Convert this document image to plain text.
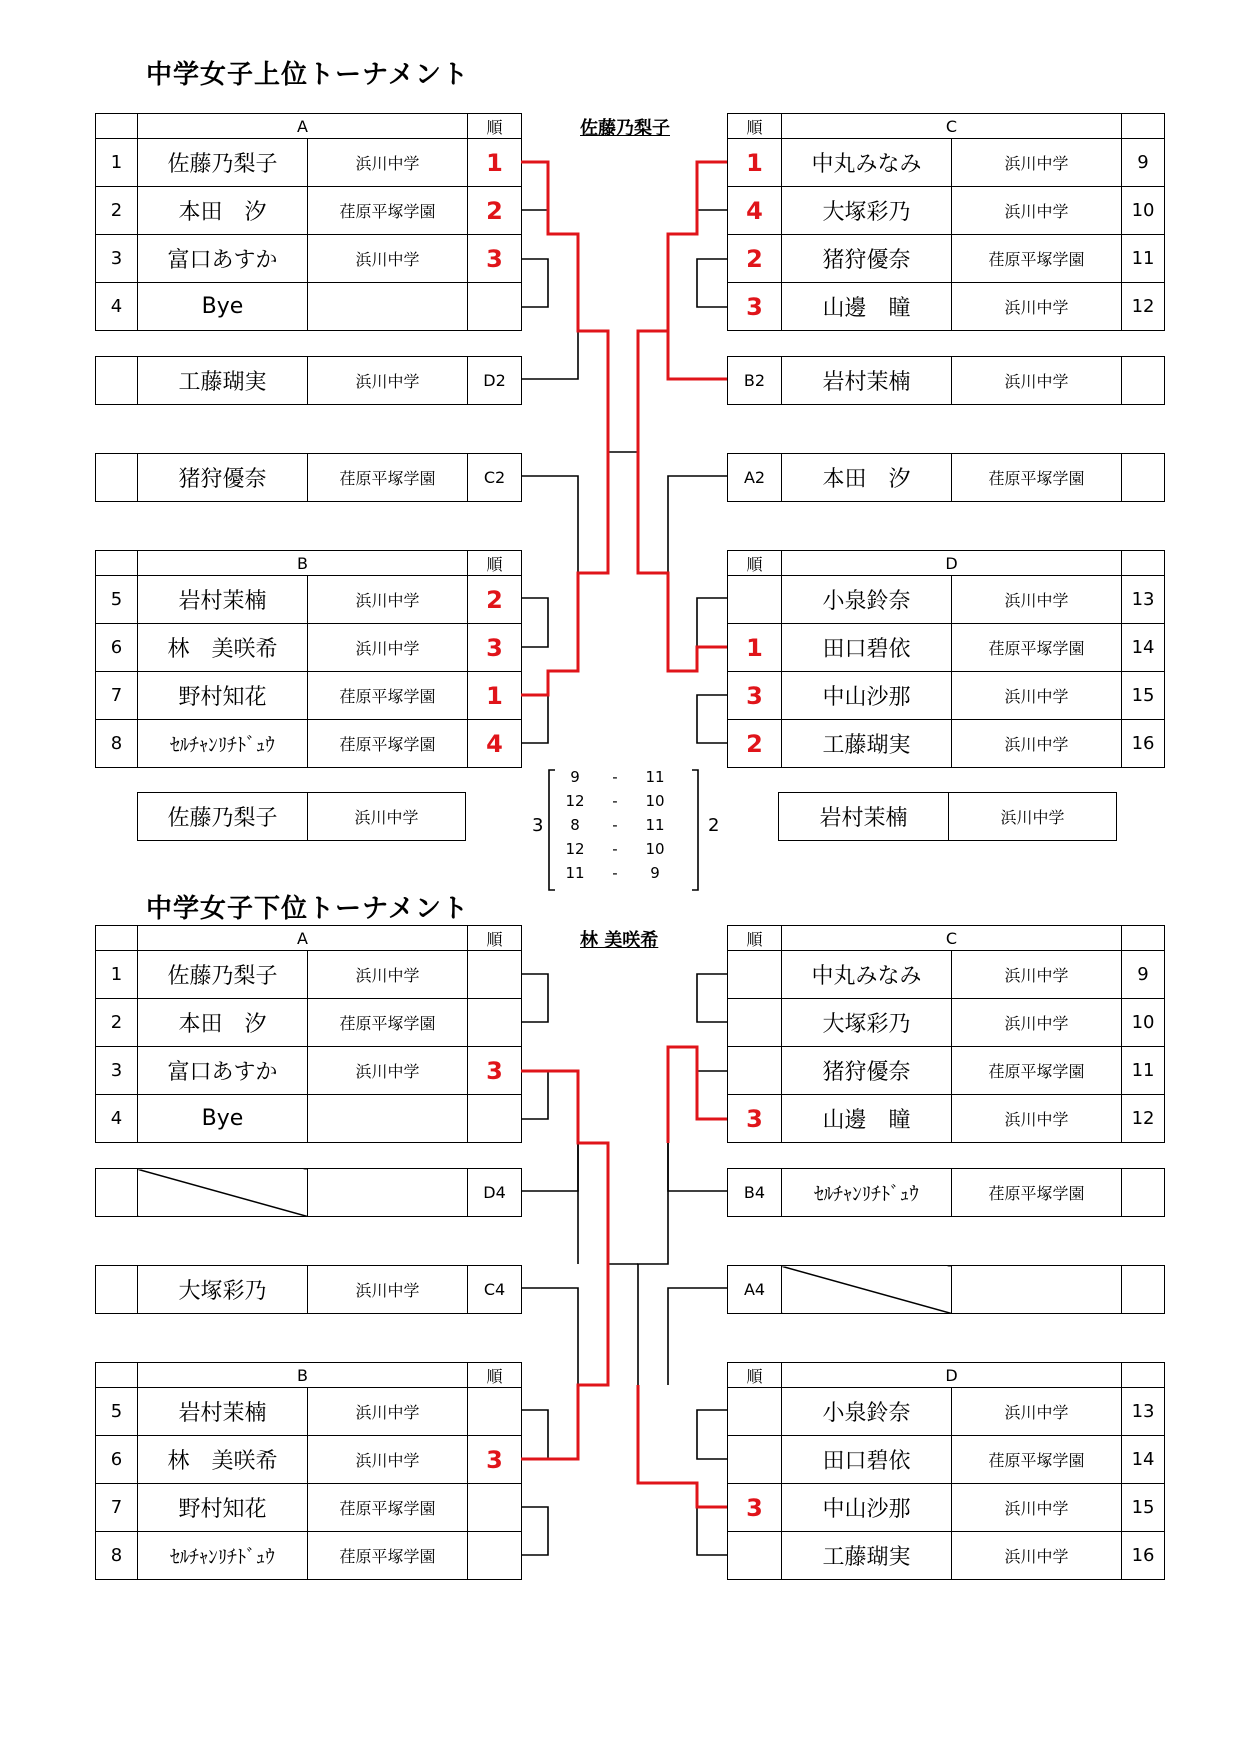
中学女子上位トーナメント
佐藤乃梨子
	A		順
1	佐藤乃梨子	浜川中学	1
2	本田　汐	荏原平塚学園	2
3	富口あすか	浜川中学	3
4	Bye		
	工藤瑚実	浜川中学	D2
	猪狩優奈	荏原平塚学園	C2
	B		順
5	岩村茉楠	浜川中学	2
6	林　美咲希	浜川中学	3
7	野村知花	荏原平塚学園	1
8	ｾﾙﾁｬﾝﾘﾁﾄﾞｭｳ	荏原平塚学園	4
順	C		
1	中丸みなみ	浜川中学	9
4	大塚彩乃	浜川中学	10
2	猪狩優奈	荏原平塚学園	11
3	山邊　瞳	浜川中学	12
B2	岩村茉楠	浜川中学	
A2	本田　汐	荏原平塚学園	
順	D		
	小泉鈴奈	浜川中学	13
1	田口碧依	荏原平塚学園	14
3	中山沙那	浜川中学	15
2	工藤瑚実	浜川中学	16
佐藤乃梨子	浜川中学	岩村茉楠	浜川中学
3	2
9 - 11
12 - 10
8 - 11
12 - 10
11 - 9
中学女子下位トーナメント
林 美咲希
	A		順
1	佐藤乃梨子	浜川中学	
2	本田　汐	荏原平塚学園	
3	富口あすか	浜川中学	3
4	Bye		
			D4
	大塚彩乃	浜川中学	C4
	B		順
5	岩村茉楠	浜川中学	
6	林　美咲希	浜川中学	3
7	野村知花	荏原平塚学園	
8	ｾﾙﾁｬﾝﾘﾁﾄﾞｭｳ	荏原平塚学園	
順	C		
	中丸みなみ	浜川中学	9
	大塚彩乃	浜川中学	10
	猪狩優奈	荏原平塚学園	11
3	山邊　瞳	浜川中学	12
B4	ｾﾙﾁｬﾝﾘﾁﾄﾞｭｳ	荏原平塚学園	
A4			
順	D		
	小泉鈴奈	浜川中学	13
	田口碧依	荏原平塚学園	14
3	中山沙那	浜川中学	15
	工藤瑚実	浜川中学	16
